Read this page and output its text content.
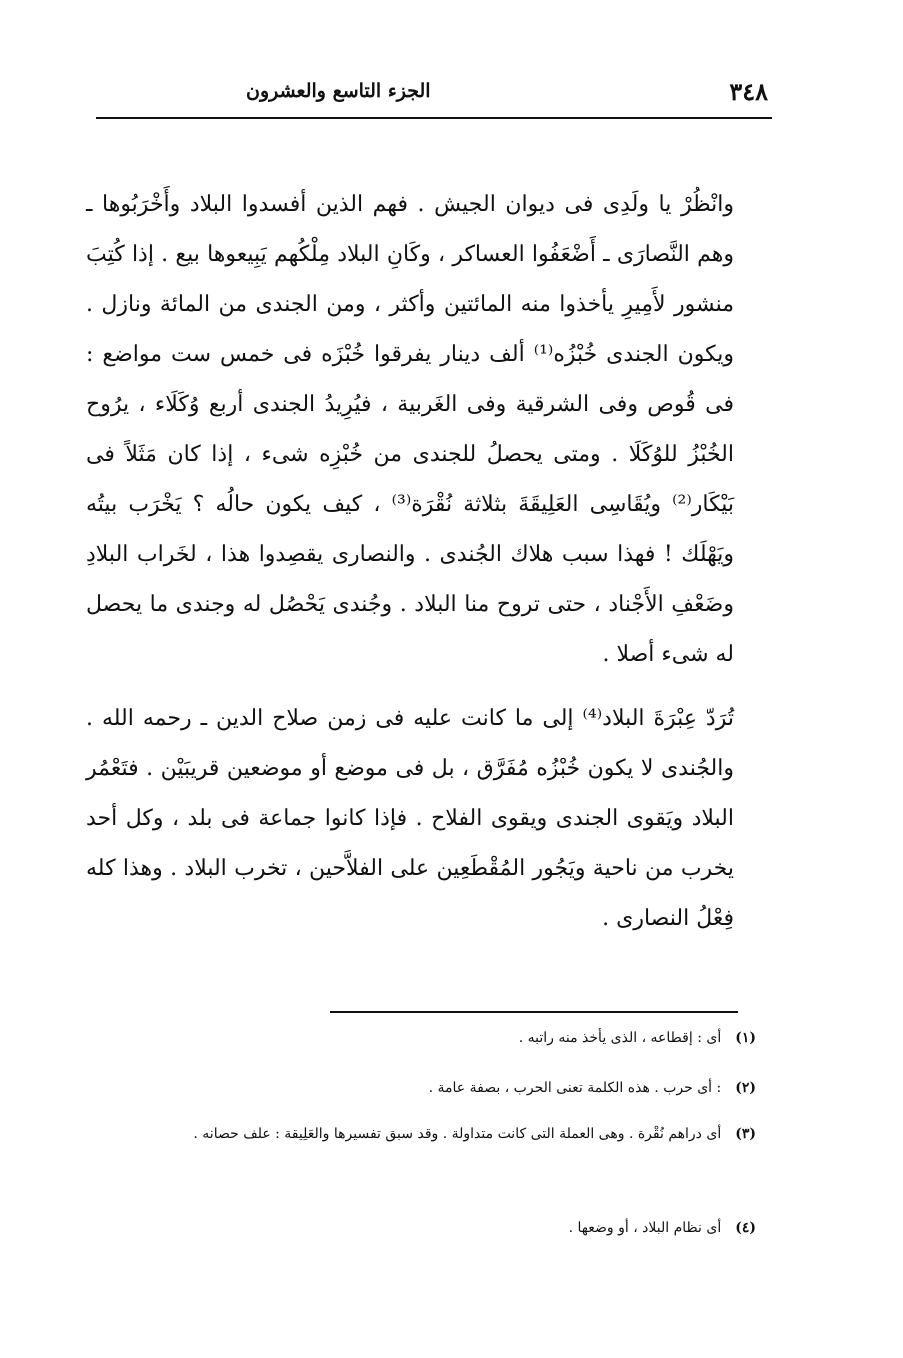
٣٤٨
الجزء التاسع والعشرون

وانْظُرْ يا ولَدِى فى ديوان الجيش . فهم الذين أفسدوا البلاد وأَخْرَبُوها ـ وهم النَّصارَى ـ أَضْعَفُوا العساكر ، وكَانِ البلاد مِلْكُهم يَبِيعوها بيع . إذا كُتِبَ منشور لأَمِيرِ يأخذوا منه المائتين وأكثر ، ومن الجندى من المائة ونازل . ويكون الجندى خُبْزُه⁽¹⁾ ألف دينار يفرقوا خُبْزَه فى خمس ست مواضع : فى قُوص وفى الشرقية وفى الغَربية ، فيُرِيدُ الجندى أربع وُكَلَاء ، يرُوح الخُبْزُ للوُكَلَا . ومتى يحصلُ للجندى من خُبْزِه شىء ، إذا كان مَثَلاً فى بَيْكَار⁽²⁾ ويُقَاسِى العَلِيقَةَ بثلاثة نُقْرَة⁽³⁾ ، كيف يكون حالُه ؟ يَخْرَب بيتُه ويَهْلَك ! فهذا سبب هلاك الجُندى . والنصارى يقصِدوا هذا ، لخَراب البلادِ وضَعْفِ الأَجْناد ، حتى تروح منا البلاد . وجُندى يَحْصُل له وجندى ما يحصل له شىء أصلا .

تُرَدّ عِبْرَةَ البلاد⁽⁴⁾ إلى ما كانت عليه فى زمن صلاح الدين ـ رحمه الله . والجُندى لا يكون خُبْزُه مُفَرَّق ، بل فى موضع أو موضعين قريبَيْن . فتَعْمُر البلاد ويَقوى الجندى ويقوى الفلاح . فإذا كانوا جماعة فى بلد ، وكل أحد يخرب من ناحية ويَجُور المُقْطَعِين على الفلاَّحين ، تخرب البلاد . وهذا كله فِعْلُ النصارى .

(١)أى : إقطاعه ، الذى يأخذ منه راتبه .
(٢): أى حرب . هذه الكلمة تعنى الحرب ، بصفة عامة .
(٣)أى دراهم نُقْرة . وهى العملة التى كانت متداولة . وقد سبق تفسيرها والعَلِيقة : علف حصانه .
(٤)أى نظام البلاد ، أو وضعها .
